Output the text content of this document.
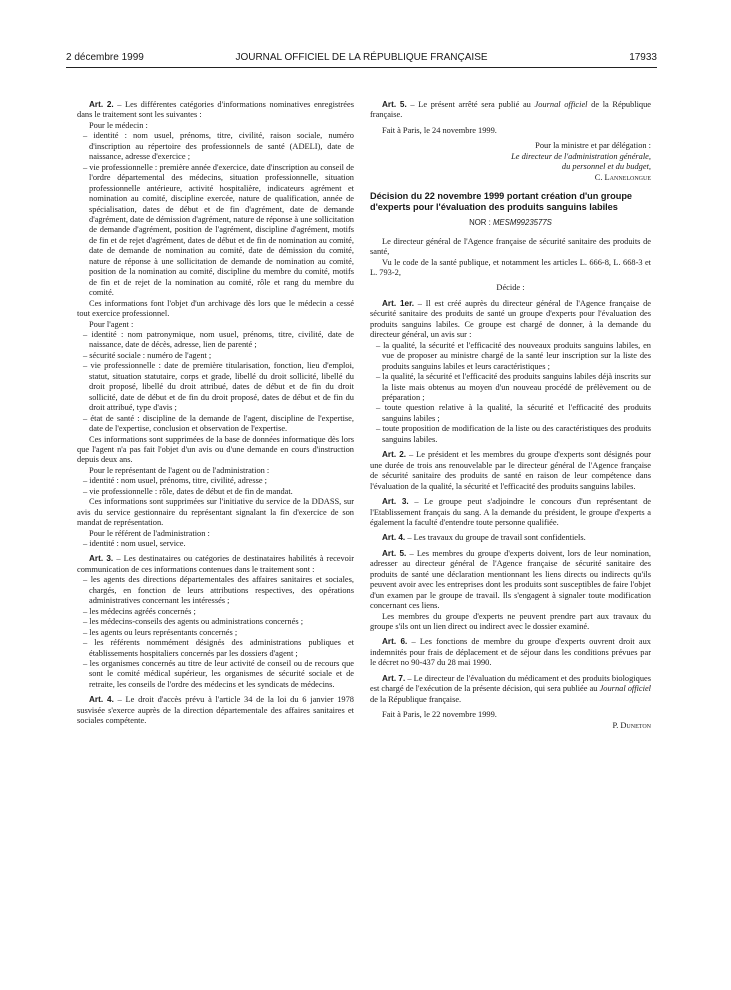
2 décembre 1999	JOURNAL OFFICIEL DE LA RÉPUBLIQUE FRANÇAISE	17933

Art. 2. – Les différentes catégories d'informations nominatives enregistrées dans le traitement sont les suivantes :

Pour le médecin :

– identité : nom usuel, prénoms, titre, civilité, raison sociale, numéro d'inscription au répertoire des professionnels de santé (ADELI), date de naissance, adresse d'exercice ;

– vie professionnelle : première année d'exercice, date d'inscription au conseil de l'ordre départemental des médecins, situation professionnelle, situation professionnelle antérieure, activité hospitalière, indicateurs agrément et nomination au comité, discipline exercée, nature de qualification, année de spécialisation, dates de début et de fin d'agrément, date de demande d'agrément, date de démission d'agrément, nature de réponse à une sollicitation de demande d'agrément, position de l'agrément, discipline d'agrément, motifs de fin et de rejet d'agrément, dates de début et de fin de nomination au comité, date de demande de nomination au comité, date de démission du comité, nature de réponse à une sollicitation de demande de nomination au comité, position de la nomination au comité, discipline du membre du comité, motifs de fin et de rejet de la nomination au comité, rôle et rang du membre du comité.

Ces informations font l'objet d'un archivage dès lors que le médecin a cessé tout exercice professionnel.

Pour l'agent :

– identité : nom patronymique, nom usuel, prénoms, titre, civilité, date de naissance, date de décès, adresse, lien de parenté ;

– sécurité sociale : numéro de l'agent ;

– vie professionnelle : date de première titularisation, fonction, lieu d'emploi, statut, situation statutaire, corps et grade, libellé du droit sollicité, libellé du droit proposé, libellé du droit attribué, dates de début et de fin du droit sollicité, date de début et de fin du droit proposé, dates de début et de fin du droit attribué, type d'avis ;

– état de santé : discipline de la demande de l'agent, discipline de l'expertise, date de l'expertise, conclusion et observation de l'expertise.

Ces informations sont supprimées de la base de données informatique dès lors que l'agent n'a pas fait l'objet d'un avis ou d'une demande en cours d'instruction depuis deux ans.

Pour le représentant de l'agent ou de l'administration :

– identité : nom usuel, prénoms, titre, civilité, adresse ;

– vie professionnelle : rôle, dates de début et de fin de mandat.

Ces informations sont supprimées sur l'initiative du service de la DDASS, sur avis du service gestionnaire du représentant signalant la fin d'exercice de son mandat de représentation.

Pour le référent de l'administration :

– identité : nom usuel, service.

Art. 3. – Les destinataires ou catégories de destinataires habilités à recevoir communication de ces informations contenues dans le traitement sont :

– les agents des directions départementales des affaires sanitaires et sociales, chargés, en fonction de leurs attributions respectives, des opérations administratives concernant les intéressés ;

– les médecins agréés concernés ;

– les médecins-conseils des agents ou administrations concernés ;

– les agents ou leurs représentants concernés ;

– les référents nommément désignés des administrations publiques et établissements hospitaliers concernés par les dossiers d'agent ;

– les organismes concernés au titre de leur activité de conseil ou de recours que sont le comité médical supérieur, les organismes de sécurité sociale et de retraite, les conseils de l'ordre des médecins et les syndicats de médecins.

Art. 4. – Le droit d'accès prévu à l'article 34 de la loi du 6 janvier 1978 susvisée s'exerce auprès de la direction départementale des affaires sanitaires et sociales compétente.

Art. 5. – Le présent arrêté sera publié au Journal officiel de la République française.

Fait à Paris, le 24 novembre 1999.

Pour la ministre et par délégation :

Le directeur de l'administration générale,

du personnel et du budget,

C. Lannelongue

Décision du 22 novembre 1999 portant création d'un groupe d'experts pour l'évaluation des produits sanguins labiles

NOR : MESM9923577S

Le directeur général de l'Agence française de sécurité sanitaire des produits de santé,

Vu le code de la santé publique, et notamment les articles L. 666-8, L. 668-3 et L. 793-2,

Décide :

Art. 1er. – Il est créé auprès du directeur général de l'Agence française de sécurité sanitaire des produits de santé un groupe d'experts pour l'évaluation des produits sanguins labiles. Ce groupe est chargé de donner, à la demande du directeur général, un avis sur :

– la qualité, la sécurité et l'efficacité des nouveaux produits sanguins labiles, en vue de proposer au ministre chargé de la santé leur inscription sur la liste des produits sanguins labiles et leurs caractéristiques ;

– la qualité, la sécurité et l'efficacité des produits sanguins labiles déjà inscrits sur la liste mais obtenus au moyen d'un nouveau procédé de prélèvement ou de préparation ;

– toute question relative à la qualité, la sécurité et l'efficacité des produits sanguins labiles ;

– toute proposition de modification de la liste ou des caractéristiques des produits sanguins labiles.

Art. 2. – Le président et les membres du groupe d'experts sont désignés pour une durée de trois ans renouvelable par le directeur général de l'Agence française de sécurité sanitaire des produits de santé en raison de leur compétence dans l'évaluation de la qualité, la sécurité et l'efficacité des produits sanguins labiles.

Art. 3. – Le groupe peut s'adjoindre le concours d'un représentant de l'Etablissement français du sang. A la demande du président, le groupe d'experts a également la faculté d'entendre toute personne qualifiée.

Art. 4. – Les travaux du groupe de travail sont confidentiels.

Art. 5. – Les membres du groupe d'experts doivent, lors de leur nomination, adresser au directeur général de l'Agence française de sécurité sanitaire des produits de santé une déclaration mentionnant les liens directs ou indirects qu'ils peuvent avoir avec les entreprises dont les produits sont susceptibles de faire l'objet d'un examen par le groupe de travail. Ils s'engagent à signaler toute modification concernant ces liens.

Les membres du groupe d'experts ne peuvent prendre part aux travaux du groupe s'ils ont un lien direct ou indirect avec le dossier examiné.

Art. 6. – Les fonctions de membre du groupe d'experts ouvrent droit aux indemnités pour frais de déplacement et de séjour dans les conditions prévues par le décret no 90-437 du 28 mai 1990.

Art. 7. – Le directeur de l'évaluation du médicament et des produits biologiques est chargé de l'exécution de la présente décision, qui sera publiée au Journal officiel de la République française.

Fait à Paris, le 22 novembre 1999.

P. Duneton
